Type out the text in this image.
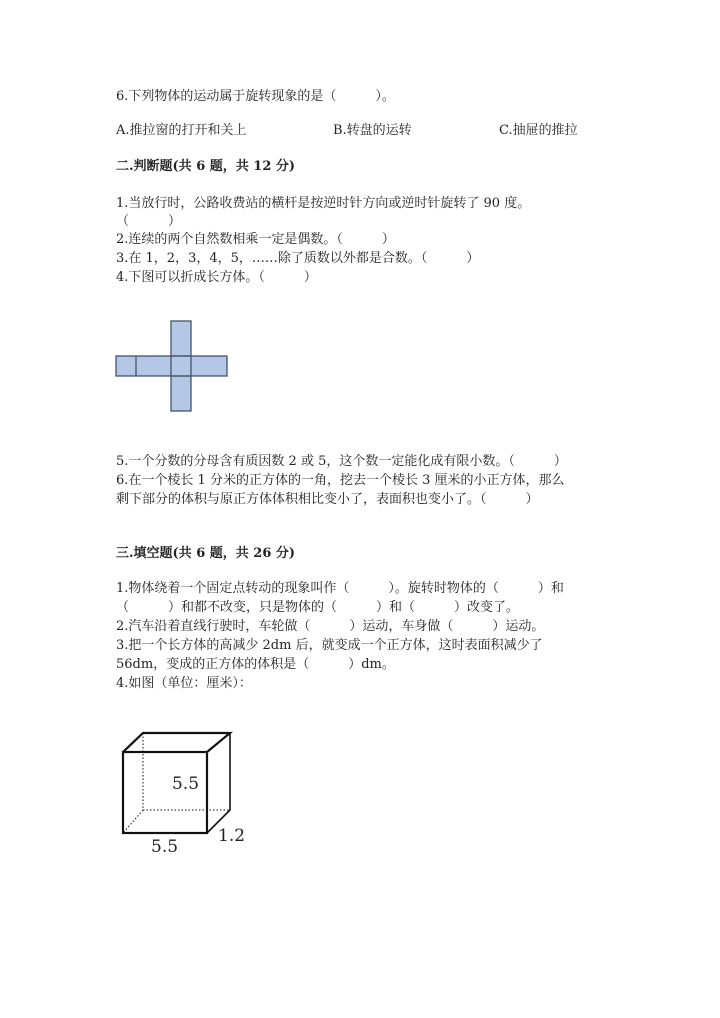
6.下列物体的运动属于旋转现象的是（　　　）。
A.推拉窗的打开和关上	B.转盘的运转	C.抽屉的推拉
二.判断题(共 6 题，共 12 分)
1.当放行时，公路收费站的横杆是按逆时针方向或逆时针旋转了 90 度。
（　　　）
2.连续的两个自然数相乘一定是偶数。（　　　）
3.在 1，2，3，4，5，……除了质数以外都是合数。（　　　）
4.下图可以折成长方体。（　　　）
5.5
5.5
1.2
5.一个分数的分母含有质因数 2 或 5，这个数一定能化成有限小数。（　　　）
6.在一个棱长 1 分米的正方体的一角，挖去一个棱长 3 厘米的小正方体，那么
剩下部分的体积与原正方体体积相比变小了，表面积也变小了。（　　　）
三.填空题(共 6 题，共 26 分)
1.物体绕着一个固定点转动的现象叫作（　　　）。旋转时物体的（　　　）和
（　　　）和都不改变，只是物体的（　　　）和（　　　）改变了。
2.汽车沿着直线行驶时，车轮做（　　　）运动，车身做（　　　）运动。
3.把一个长方体的高减少 2dm 后，就变成一个正方体，这时表面积减少了
56dm，变成的正方体的体积是（　　　）dm。
4.如图（单位：厘米）：
